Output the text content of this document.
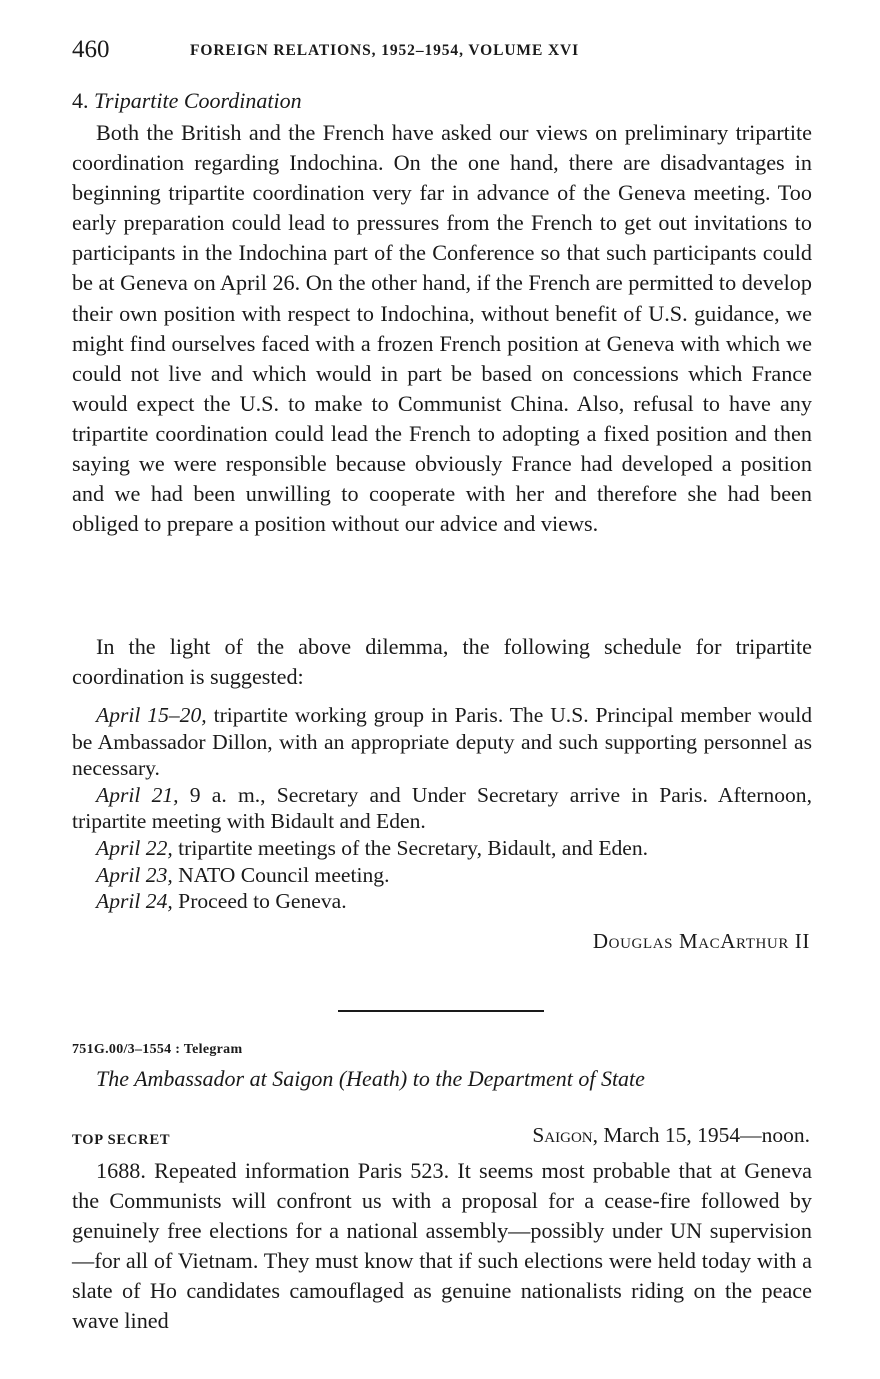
460	FOREIGN RELATIONS, 1952–1954, VOLUME XVI
4. Tripartite Coordination

Both the British and the French have asked our views on preliminary tripartite coordination regarding Indochina. On the one hand, there are disadvantages in beginning tripartite coordination very far in advance of the Geneva meeting. Too early preparation could lead to pressures from the French to get out invitations to participants in the Indochina part of the Conference so that such participants could be at Geneva on April 26. On the other hand, if the French are permitted to develop their own position with respect to Indochina, without benefit of U.S. guidance, we might find ourselves faced with a frozen French position at Geneva with which we could not live and which would in part be based on concessions which France would expect the U.S. to make to Communist China. Also, refusal to have any tripartite coordination could lead the French to adopting a fixed position and then saying we were responsible because obviously France had developed a position and we had been unwilling to cooperate with her and therefore she had been obliged to prepare a position without our advice and views.

In the light of the above dilemma, the following schedule for tripartite coordination is suggested:

April 15–20, tripartite working group in Paris. The U.S. Principal member would be Ambassador Dillon, with an appropriate deputy and such supporting personnel as necessary.

April 21, 9 a. m., Secretary and Under Secretary arrive in Paris. Afternoon, tripartite meeting with Bidault and Eden.

April 22, tripartite meetings of the Secretary, Bidault, and Eden.

April 23, NATO Council meeting.

April 24, Proceed to Geneva.

Douglas MacArthur II
751G.00/3–1554 : Telegram
The Ambassador at Saigon (Heath) to the Department of State
TOP SECRET	Saigon, March 15, 1954—noon.

1688. Repeated information Paris 523. It seems most probable that at Geneva the Communists will confront us with a proposal for a cease-fire followed by genuinely free elections for a national assembly—possibly under UN supervision—for all of Vietnam. They must know that if such elections were held today with a slate of Ho candidates camouflaged as genuine nationalists riding on the peace wave lined
